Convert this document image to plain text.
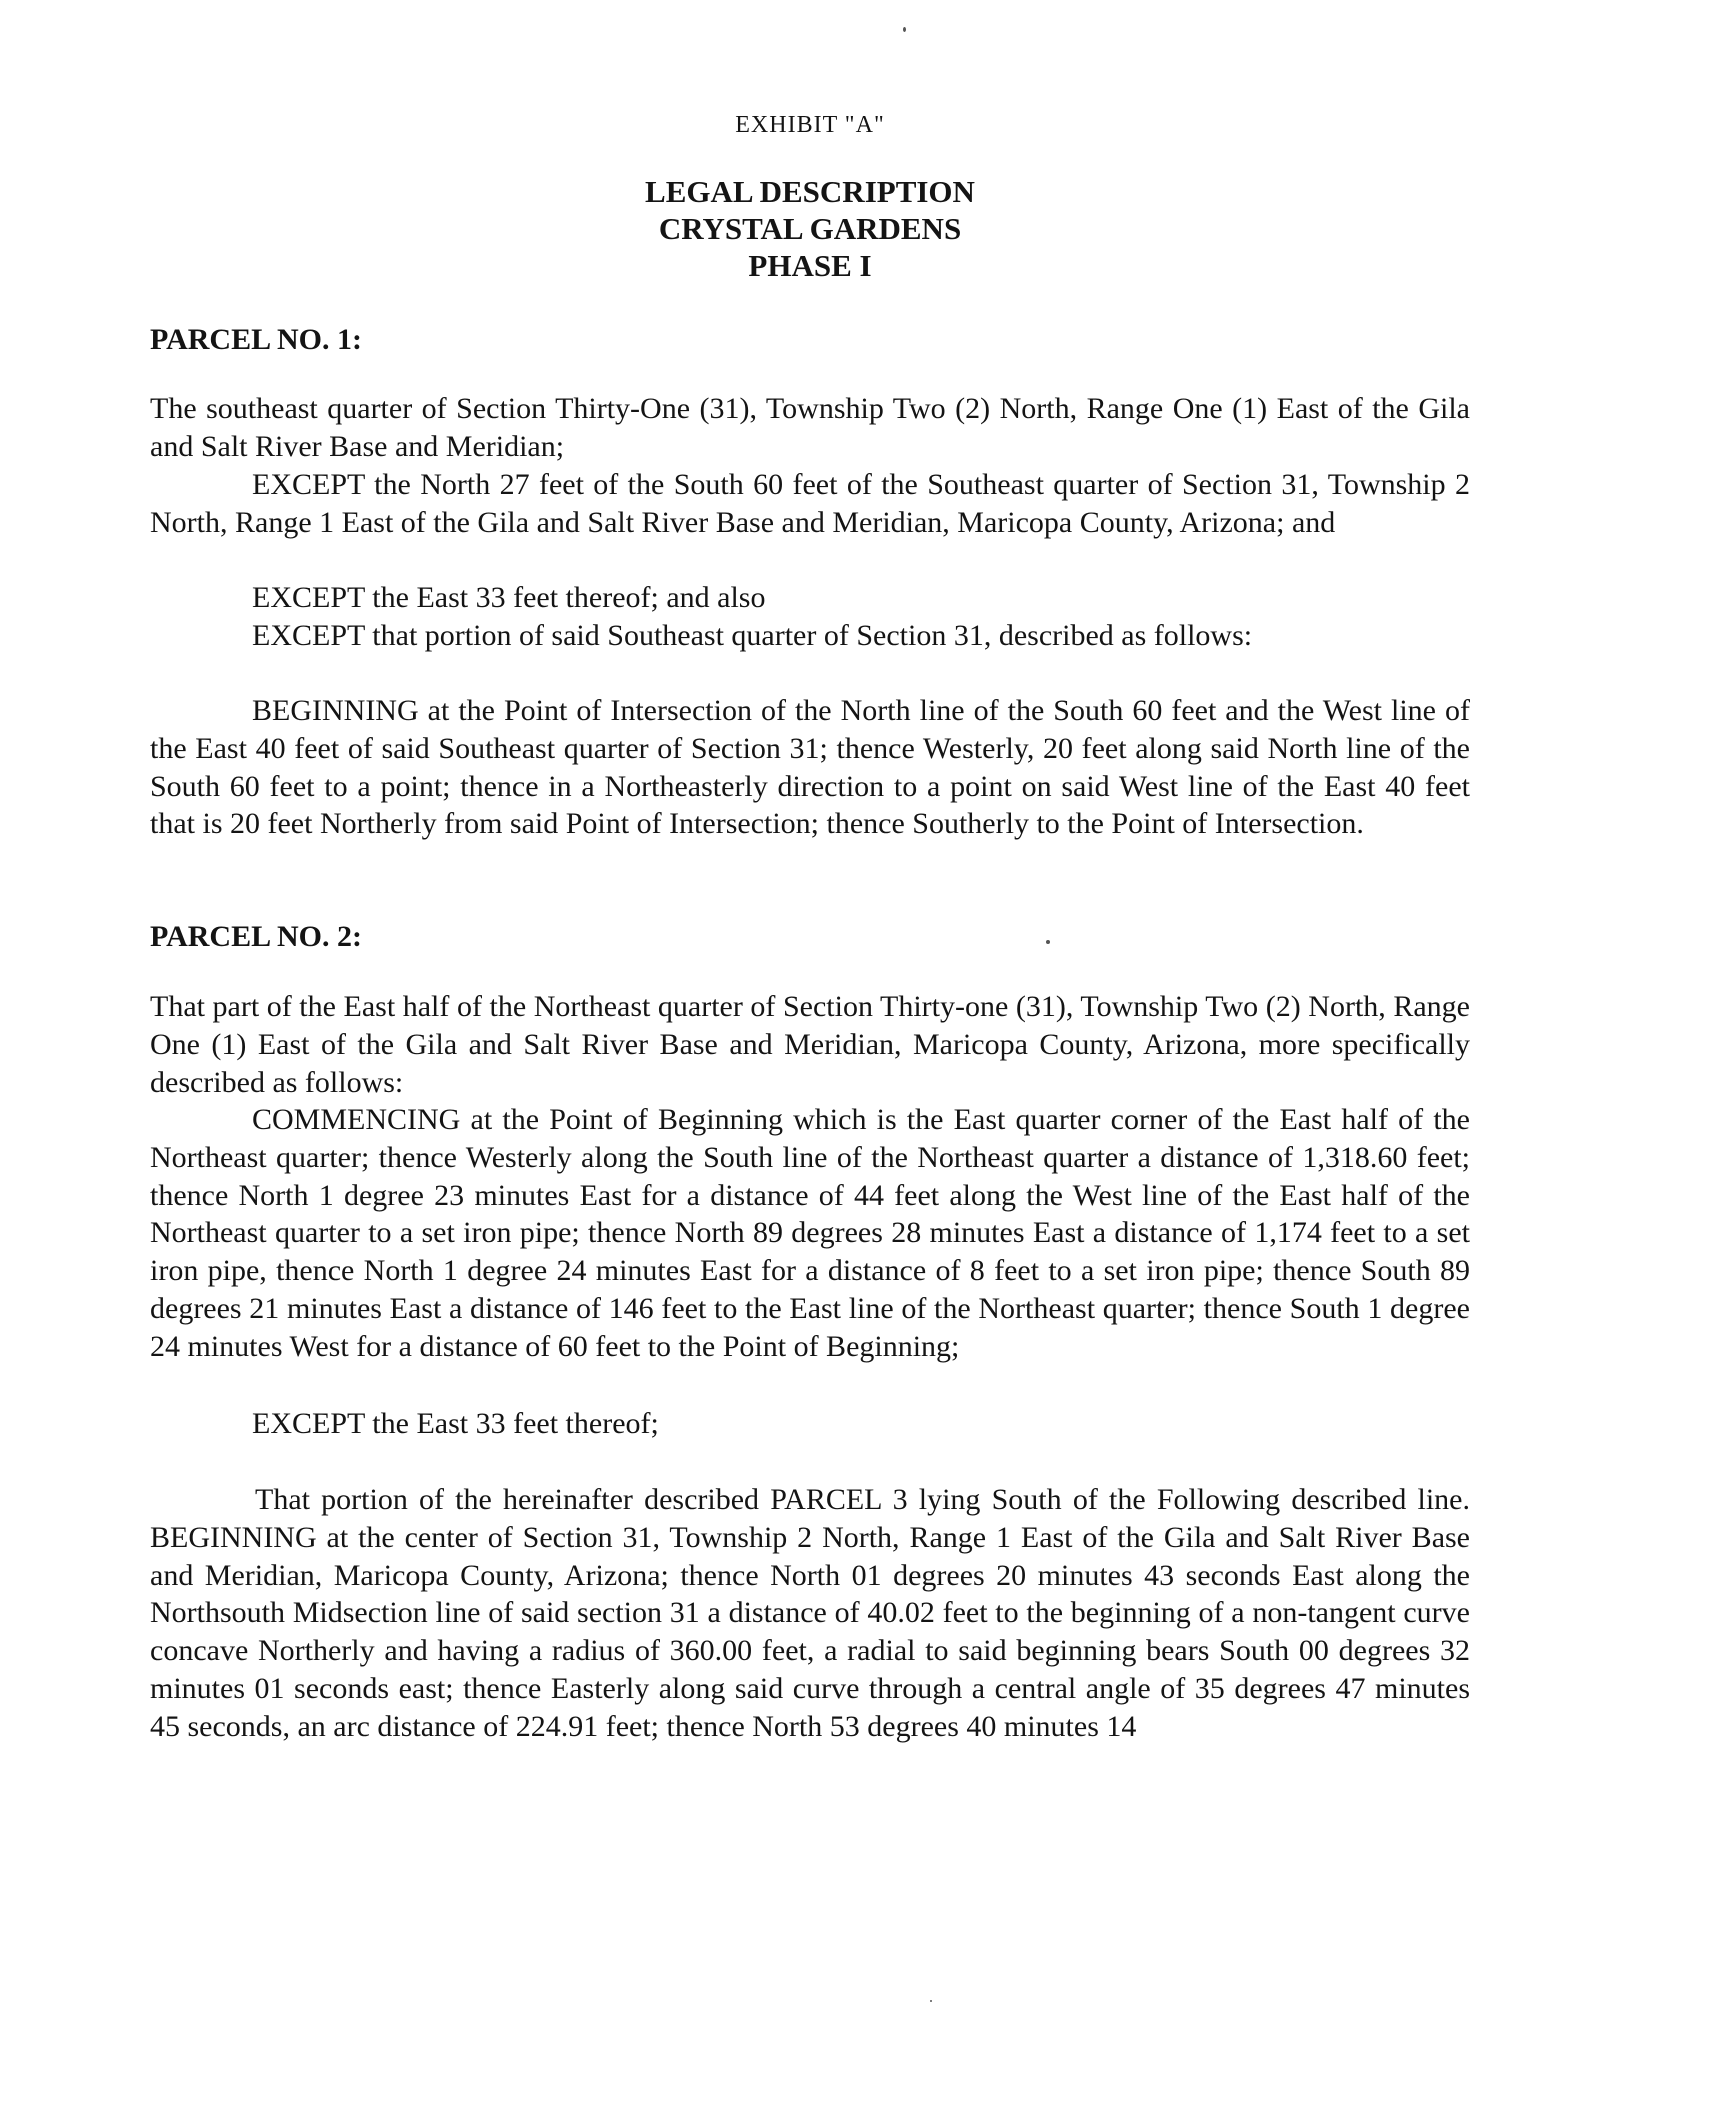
EXHIBIT "A"
LEGAL DESCRIPTION
CRYSTAL GARDENS
PHASE I
PARCEL NO. 1:

The southeast quarter of Section Thirty-One (31), Township Two (2) North, Range One (1) East of the Gila and Salt River Base and Meridian;

EXCEPT the North 27 feet of the South 60 feet of the Southeast quarter of Section 31, Township 2 North, Range 1 East of the Gila and Salt River Base and Meridian, Maricopa County, Arizona; and

EXCEPT the East 33 feet thereof; and also

EXCEPT that portion of said Southeast quarter of Section 31, described as follows:

BEGINNING at the Point of Intersection of the North line of the South 60 feet and the West line of the East 40 feet of said Southeast quarter of Section 31; thence Westerly, 20 feet along said North line of the South 60 feet to a point; thence in a Northeasterly direction to a point on said West line of the East 40 feet that is 20 feet Northerly from said Point of Intersection; thence Southerly to the Point of Intersection.

PARCEL NO. 2:

That part of the East half of the Northeast quarter of Section Thirty-one (31), Township Two (2) North, Range One (1) East of the Gila and Salt River Base and Meridian, Maricopa County, Arizona, more specifically described as follows:

COMMENCING at the Point of Beginning which is the East quarter corner of the East half of the Northeast quarter; thence Westerly along the South line of the Northeast quarter a distance of 1,318.60 feet; thence North 1 degree 23 minutes East for a distance of 44 feet along the West line of the East half of the Northeast quarter to a set iron pipe; thence North 89 degrees 28 minutes East a distance of 1,174 feet to a set iron pipe, thence North 1 degree 24 minutes East for a distance of 8 feet to a set iron pipe; thence South 89 degrees 21 minutes East a distance of 146 feet to the East line of the Northeast quarter; thence South 1 degree 24 minutes West for a distance of 60 feet to the Point of Beginning;

EXCEPT the East 33 feet thereof;

That portion of the hereinafter described PARCEL 3 lying South of the Following described line. BEGINNING at the center of Section 31, Township 2 North, Range 1 East of the Gila and Salt River Base and Meridian, Maricopa County, Arizona; thence North 01 degrees 20 minutes 43 seconds East along the Northsouth Midsection line of said section 31 a distance of 40.02 feet to the beginning of a non-tangent curve concave Northerly and having a radius of 360.00 feet, a radial to said beginning bears South 00 degrees 32 minutes 01 seconds east; thence Easterly along said curve through a central angle of 35 degrees 47 minutes 45 seconds, an arc distance of 224.91 feet; thence North 53 degrees 40 minutes 14
